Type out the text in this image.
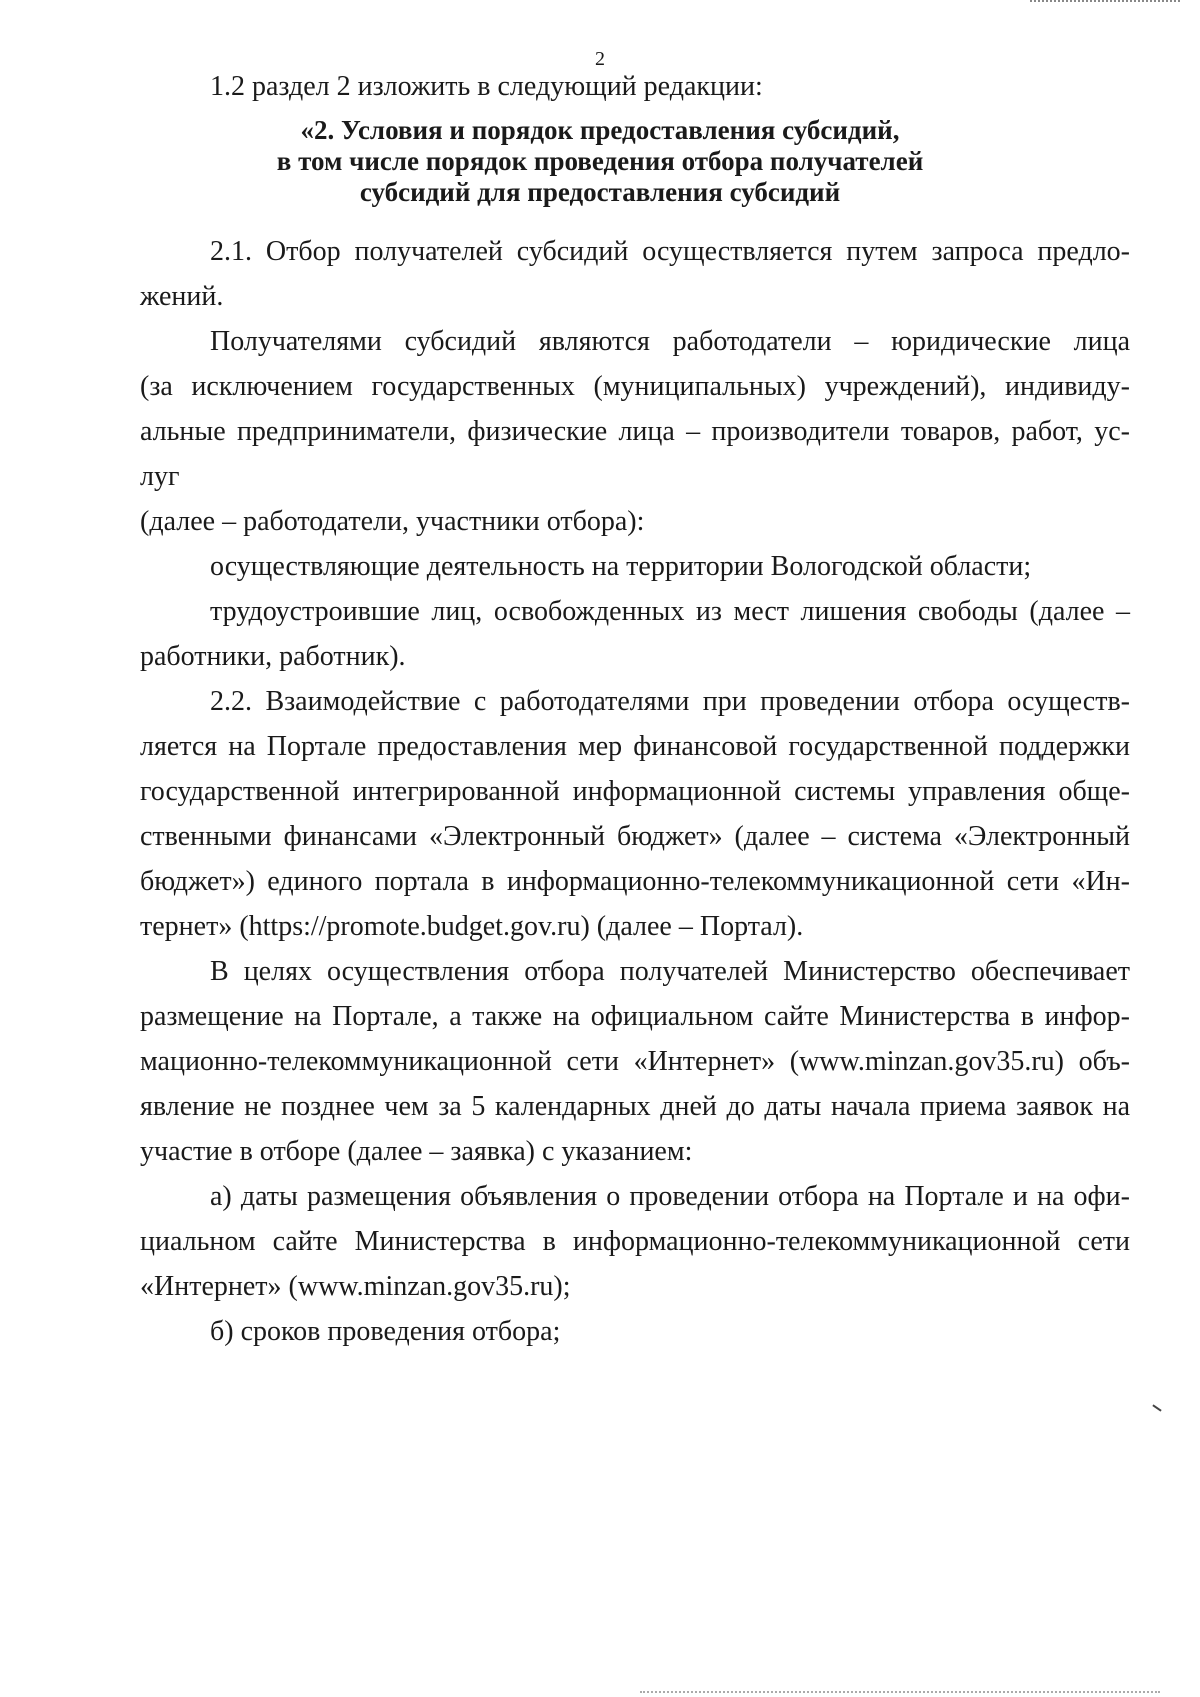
2
1.2 раздел 2 изложить в следующий редакции:
«2. Условия и порядок предоставления субсидий,
в том числе порядок проведения отбора получателей
субсидий для предоставления субсидий
2.1. Отбор получателей субсидий осуществляется путем запроса предло-
жений.
Получателями субсидий являются работодатели – юридические лица
(за исключением государственных (муниципальных) учреждений), индивиду-
альные предприниматели, физические лица – производители товаров, работ, ус-
луг
(далее – работодатели, участники отбора):
осуществляющие деятельность на территории Вологодской области;
трудоустроившие лиц, освобожденных из мест лишения свободы (далее –
работники, работник).
2.2. Взаимодействие с работодателями при проведении отбора осуществ-
ляется на Портале предоставления мер финансовой государственной поддержки
государственной интегрированной информационной системы управления обще-
ственными финансами «Электронный бюджет» (далее – система «Электронный
бюджет») единого портала в информационно-телекоммуникационной сети «Ин-
тернет» (https://promote.budget.gov.ru) (далее – Портал).
В целях осуществления отбора получателей Министерство обеспечивает
размещение на Портале, а также на официальном сайте Министерства в инфор-
мационно-телекоммуникационной сети «Интернет» (www.minzan.gov35.ru) объ-
явление не позднее чем за 5 календарных дней до даты начала приема заявок на
участие в отборе (далее – заявка) с указанием:
а) даты размещения объявления о проведении отбора на Портале и на офи-
циальном сайте Министерства в информационно-телекоммуникационной сети
«Интернет» (www.minzan.gov35.ru);
б) сроков проведения отбора;
